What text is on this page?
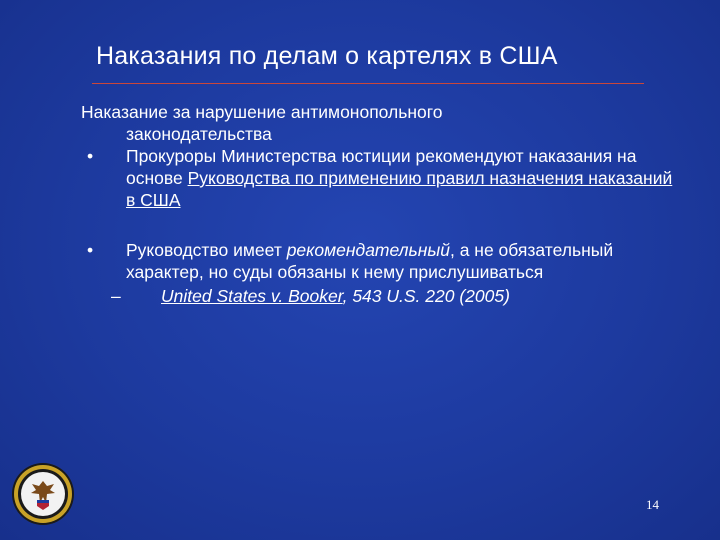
Наказания по делам о картелях в США

Наказание за нарушение антимонопольного
законодательства

• Прокуроры Министерства юстиции рекомендуют наказания на основе Руководства по применению правил назначения наказаний в США

• Руководство имеет рекомендательный, а не обязательный характер, но суды обязаны к нему прислушиваться

– United States v. Booker, 543 U.S. 220 (2005)

14
